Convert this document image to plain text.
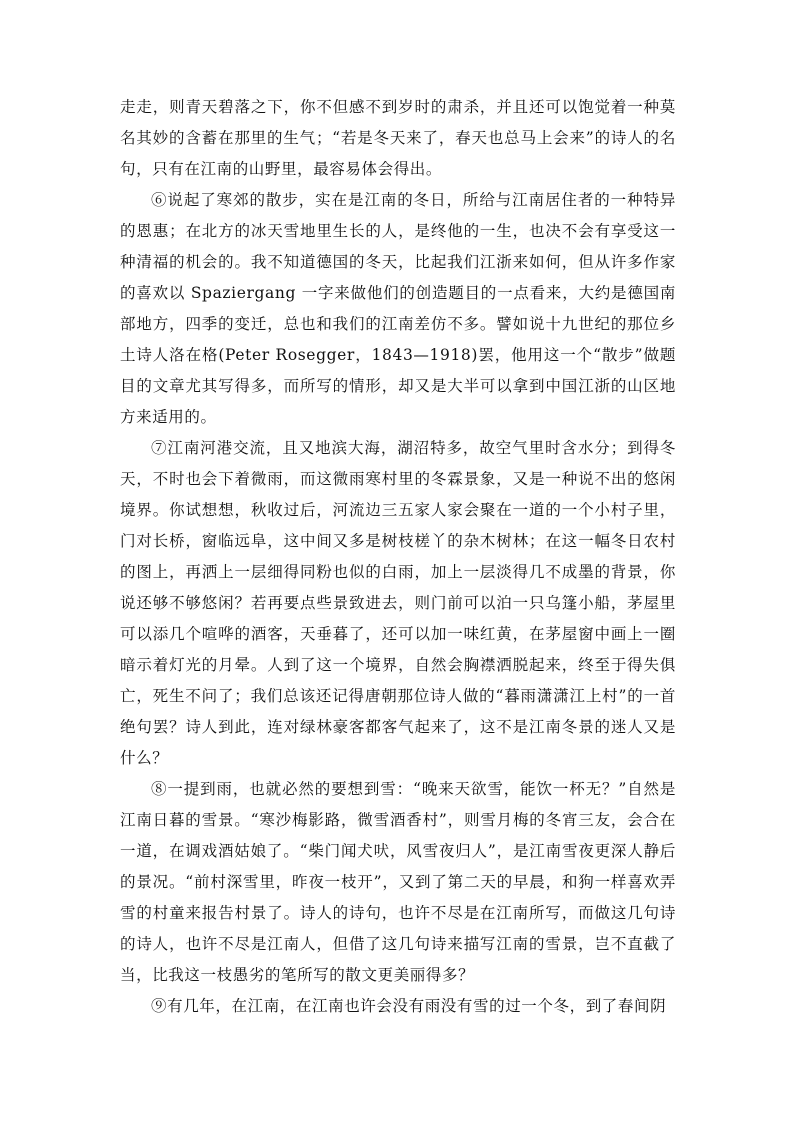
走走，则青天碧落之下，你不但感不到岁时的肃杀，并且还可以饱觉着一种莫名其妙的含蓄在那里的生气；“若是冬天来了，春天也总马上会来”的诗人的名句，只有在江南的山野里，最容易体会得出。

⑥说起了寒郊的散步，实在是江南的冬日，所给与江南居住者的一种特异的恩惠；在北方的冰天雪地里生长的人，是终他的一生，也决不会有享受这一种清福的机会的。我不知道德国的冬天，比起我们江浙来如何，但从许多作家的喜欢以 Spaziergang 一字来做他们的创造题目的一点看来，大约是德国南部地方，四季的变迁，总也和我们的江南差仿不多。譬如说十九世纪的那位乡土诗人洛在格(Peter Rosegger，1843—1918)罢，他用这一个“散步”做题目的文章尤其写得多，而所写的情形，却又是大半可以拿到中国江浙的山区地方来适用的。

⑦江南河港交流，且又地滨大海，湖沼特多，故空气里时含水分；到得冬天，不时也会下着微雨，而这微雨寒村里的冬霖景象，又是一种说不出的悠闲境界。你试想想，秋收过后，河流边三五家人家会聚在一道的一个小村子里，门对长桥，窗临远阜，这中间又多是树枝槎丫的杂木树林；在这一幅冬日农村的图上，再洒上一层细得同粉也似的白雨，加上一层淡得几不成墨的背景，你说还够不够悠闲？若再要点些景致进去，则门前可以泊一只乌篷小船，茅屋里可以添几个喧哗的酒客，天垂暮了，还可以加一味红黄，在茅屋窗中画上一圈暗示着灯光的月晕。人到了这一个境界，自然会胸襟洒脱起来，终至于得失俱亡，死生不问了；我们总该还记得唐朝那位诗人做的“暮雨潇潇江上村”的一首绝句罢？诗人到此，连对绿林豪客都客气起来了，这不是江南冬景的迷人又是什么？

⑧一提到雨，也就必然的要想到雪：“晚来天欲雪，能饮一杯无？”自然是江南日暮的雪景。“寒沙梅影路，微雪酒香村”，则雪月梅的冬宵三友，会合在一道，在调戏酒姑娘了。“柴门闻犬吠，风雪夜归人”，是江南雪夜更深人静后的景况。“前村深雪里，昨夜一枝开”，又到了第二天的早晨，和狗一样喜欢弄雪的村童来报告村景了。诗人的诗句，也许不尽是在江南所写，而做这几句诗的诗人，也许不尽是江南人，但借了这几句诗来描写江南的雪景，岂不直截了当，比我这一枝愚劣的笔所写的散文更美丽得多？

⑨有几年，在江南，在江南也许会没有雨没有雪的过一个冬，到了春间阴
